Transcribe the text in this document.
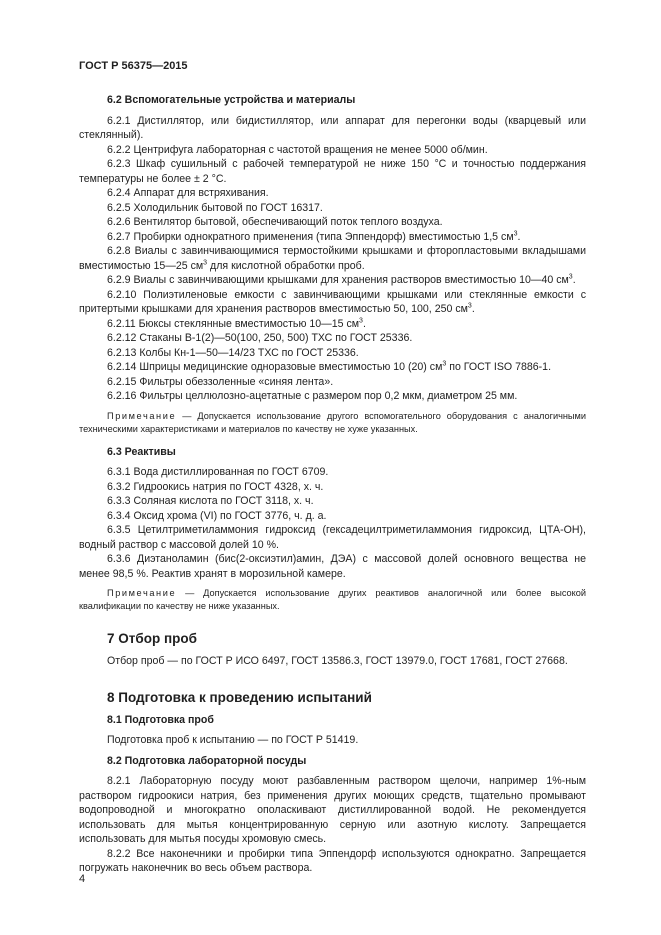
ГОСТ Р 56375—2015

6.2 Вспомогательные устройства и материалы

6.2.1 Дистиллятор, или бидистиллятор, или аппарат для перегонки воды (кварцевый или стеклянный).

6.2.2 Центрифуга лабораторная с частотой вращения не менее 5000 об/мин.

6.2.3 Шкаф сушильный с рабочей температурой не ниже 150 °С и точностью поддержания температуры не более ± 2 °С.

6.2.4 Аппарат для встряхивания.

6.2.5 Холодильник бытовой по ГОСТ 16317.

6.2.6 Вентилятор бытовой, обеспечивающий поток теплого воздуха.

6.2.7 Пробирки однократного применения (типа Эппендорф) вместимостью 1,5 $см^3$.

6.2.8 Виалы с завинчивающимися термостойкими крышками и фторопластовыми вкладышами вместимостью 15—25 $см^3$ для кислотной обработки проб.

6.2.9 Виалы с завинчивающими крышками для хранения растворов вместимостью 10—40 $см^3$.

6.2.10 Полиэтиленовые емкости с завинчивающими крышками или стеклянные емкости с притертыми крышками для хранения растворов вместимостью 50, 100, 250 $см^3$.

6.2.11 Бюксы стеклянные вместимостью 10—15 $см^3$.

6.2.12 Стаканы В-1(2)—50(100, 250, 500) ТХС по ГОСТ 25336.

6.2.13 Колбы Кн-1—50—14/23 ТХС по ГОСТ 25336.

6.2.14 Шприцы медицинские одноразовые вместимостью 10 (20) $см^3$ по ГОСТ ISO 7886-1.

6.2.15 Фильтры обеззоленные «синяя лента».

6.2.16 Фильтры целлюлозно-ацетатные с размером пор 0,2 мкм, диаметром 25 мм.

Примечание — Допускается использование другого вспомогательного оборудования с аналогичными техническими характеристиками и материалов по качеству не хуже указанных.

6.3 Реактивы

6.3.1 Вода дистиллированная по ГОСТ 6709.

6.3.2 Гидроокись натрия по ГОСТ 4328, х. ч.

6.3.3 Соляная кислота по ГОСТ 3118, х. ч.

6.3.4 Оксид хрома (VI) по ГОСТ 3776, ч. д. а.

6.3.5 Цетилтриметиламмония гидроксид (гексадецилтриметиламмония гидроксид, ЦТА-ОН), водный раствор с массовой долей 10 %.

6.3.6 Диэтаноламин (бис(2-оксиэтил)амин, ДЭА) с массовой долей основного вещества не менее 98,5 %. Реактив хранят в морозильной камере.

Примечание — Допускается использование других реактивов аналогичной или более высокой квалификации по качеству не ниже указанных.

7 Отбор проб

Отбор проб — по ГОСТ Р ИСО 6497, ГОСТ 13586.3, ГОСТ 13979.0, ГОСТ 17681, ГОСТ 27668.

8 Подготовка к проведению испытаний

8.1 Подготовка проб

Подготовка проб к испытанию — по ГОСТ Р 51419.

8.2 Подготовка лабораторной посуды

8.2.1 Лабораторную посуду моют разбавленным раствором щелочи, например 1%-ным раствором гидроокиси натрия, без применения других моющих средств, тщательно промывают водопроводной и многократно ополаскивают дистиллированной водой. Не рекомендуется использовать для мытья концентрированную серную или азотную кислоту. Запрещается использовать для мытья посуды хромовую смесь.

8.2.2 Все наконечники и пробирки типа Эппендорф используются однократно. Запрещается погружать наконечник во весь объем раствора.

4
